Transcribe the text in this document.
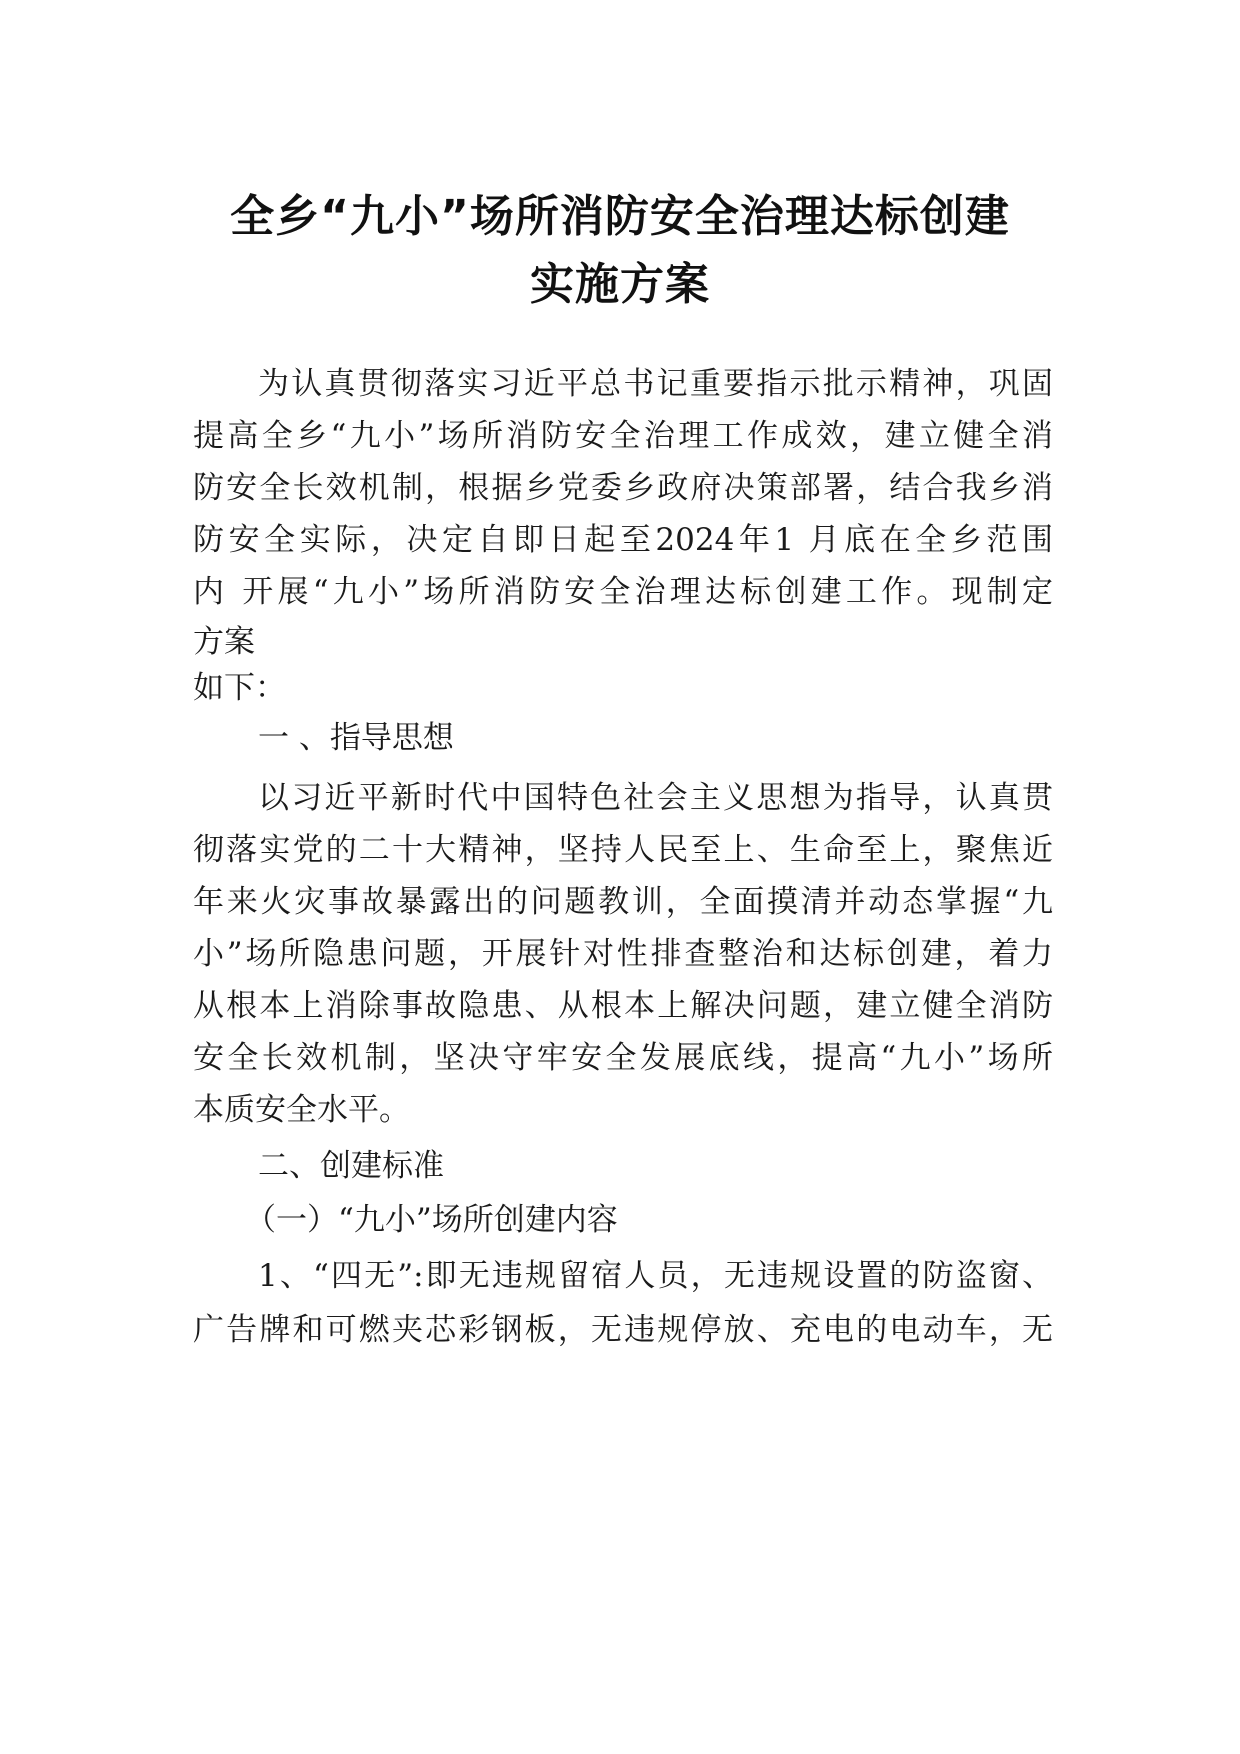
全乡“九小”场所消防安全治理达标创建
实施方案
为认真贯彻落实习近平总书记重要指示批示精神，巩固
提高全乡“九小”场所消防安全治理工作成效，建立健全消
防安全长效机制，根据乡党委乡政府决策部署，结合我乡消
防安全实际，决定自即日起至2024年1 月底在全乡范围
内 开展“九小”场所消防安全治理达标创建工作。现制定
方案
如下：
一 、指导思想
以习近平新时代中国特色社会主义思想为指导，认真贯
彻落实党的二十大精神，坚持人民至上、生命至上，聚焦近
年来火灾事故暴露出的问题教训，全面摸清并动态掌握“九
小”场所隐患问题，开展针对性排查整治和达标创建，着力
从根本上消除事故隐患、从根本上解决问题，建立健全消防
安全长效机制，坚决守牢安全发展底线，提高“九小”场所
本质安全水平。
二、创建标准
（一）“九小”场所创建内容
1、“四无”:即无违规留宿人员，无违规设置的防盗窗、
广告牌和可燃夹芯彩钢板，无违规停放、充电的电动车，无
